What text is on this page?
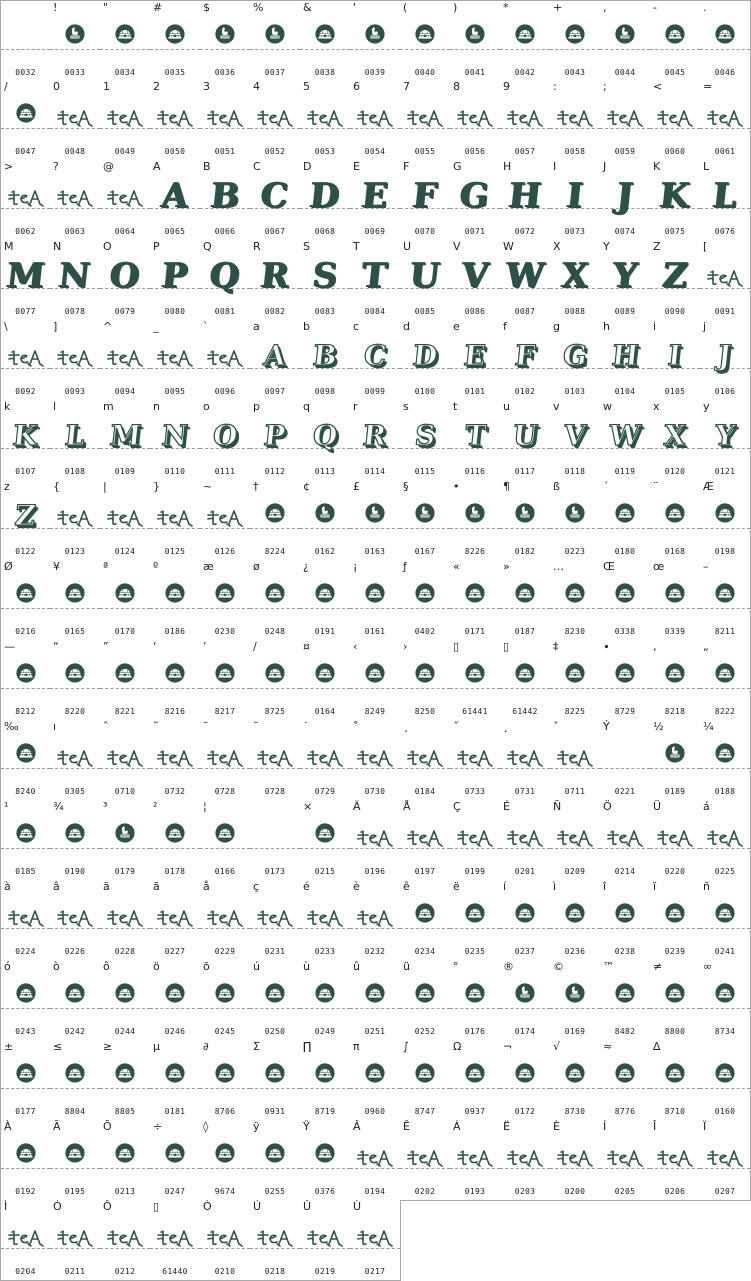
0032
!
0033
"
0034
#
0035
$
0036
%
0037
&
0038
'
0039
(
0040
)
0041
*
0042
+
0043
,
0044
-
0045
.
0046
/
0047
0
0048
1
0049
2
0050
3
0051
4
0052
5
0053
6
0054
7
0055
8
0056
9
0057
:
0058
;
0059
<
0060
=
0061
>
0062
?
0063
@
0064
A
A
0065
B
B
0066
C
C
0067
D
D
0068
E
E
0069
F
F
0070
G
G
0071
H
H
0072
I
I
0073
J
J
0074
K
K
0075
L
L
0076
M
M
0077
N
N
0078
O
O
0079
P
P
0080
Q
Q
0081
R
R
0082
S
S
0083
T
T
0084
U
U
0085
V
V
0086
W
W
0087
X
X
0088
Y
Y
0089
Z
Z
0090
[
0091
\
0092
]
0093
^
0094
_
0095
`
0096
a
A
0097
b
B
0098
c
C
0099
d
D
0100
e
E
0101
f
F
0102
g
G
0103
h
H
0104
i
I
0105
j
J
0106
k
K
0107
l
L
0108
m
M
0109
n
N
0110
o
O
0111
p
P
0112
q
Q
0113
r
R
0114
s
S
0115
t
T
0116
u
U
0117
v
V
0118
w
W
0119
x
X
0120
y
Y
0121
z
Z
0122
{
0123
|
0124
}
0125
~
0126
†
8224
¢
0162
£
0163
§
0167
•
8226
¶
0182
ß
0223
´
0180
¨
0168
Æ
0198
Ø
0216
¥
0165
ª
0170
º
0186
æ
0230
ø
0248
¿
0191
¡
0161
ƒ
0402
«
0171
»
0187
…
8230
Œ
0338
œ
0339
–
8211
—
8212
“
8220
”
8221
‘
8216
’
8217
∕
8725
¤
0164
‹
8249
›
8250
▯
61441
▯
61442
‡
8225
∙
8729
‚
8218
„
8222
‰
8240
ı
0305
ˆ
0710
˜
0732
ˉ
0728
˘
0728
˙
0729
˚
0730
¸
0184
˝
0733
˛
0731
ˇ
0711
Ý
0221
½
0189
¼
0188
¹
0185
¾
0190
³
0179
²
0178
¦
0166	0173
×
0215
Ä
0196
Å
0197
Ç
0199
É
0201
Ñ
0209
Ö
0214
Ü
0220
á
0225
à
0224
â
0226
ä
0228
ã
0227
å
0229
ç
0231
é
0233
è
0232
ê
0234
ë
0235
í
0237
ì
0236
î
0238
ï
0239
ñ
0241
ó
0243
ò
0242
ô
0244
ö
0246
õ
0245
ú
0250
ù
0249
û
0251
ü
0252
°
0176
®
0174
©
0169
™
8482
≠
8800
∞
8734
±
0177
≤
8804
≥
8805
µ
0181
∂
8706
Σ
0931
∏
8719
π
0960
∫
8747
Ω
0937
¬
0172
√
8730
≈
8776
∆
8710	0160
À
0192
Ã
0195
Õ
0213
÷
0247
◊
9674
ÿ
0255
Ÿ
0376
Â
0194
Ê
0202
Á
0193
Ë
0203
È
0200
Í
0205
Î
0206
Ï
0207
Ì
0204
Ó
0211
Ô
0212
▯
61440
Ò
0210
Ú
0218
Û
0219
Ù
0217
